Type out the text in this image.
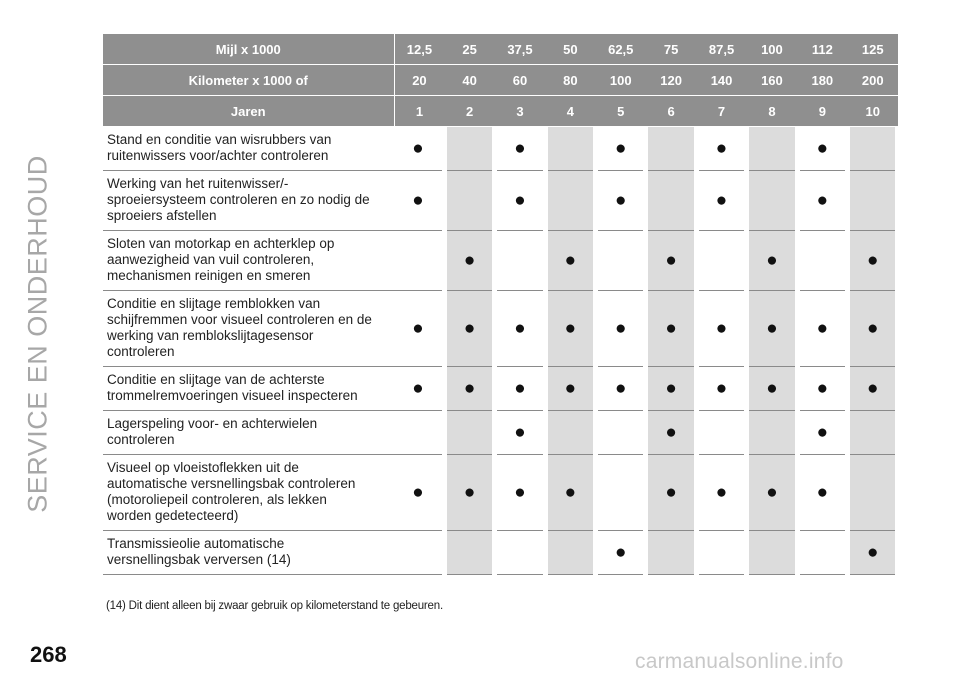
SERVICE EN ONDERHOUD
Mijl x 1000	12,5	25	37,5	50	62,5	75	87,5	100	112	125
Kilometer x 1000 of	20	40	60	80	100	120	140	160	180	200
Jaren	1	2	3	4	5	6	7	8	9	10

Stand en conditie van wisrubbers van
ruitenwissers voor/achter controleren	●		●		●		●		●	

Werking van het ruitenwisser/-
sproeiersysteem controleren en zo nodig de
sproeiers afstellen	●		●		●		●		●	

Sloten van motorkap en achterklep op
aanwezigheid van vuil controleren,
mechanismen reinigen en smeren		●		●		●		●		●

Conditie en slijtage remblokken van
schijfremmen voor visueel controleren en de
werking van remblokslijtagesensor
controleren	●	●	●	●	●	●	●	●	●	●

Conditie en slijtage van de achterste
trommelremvoeringen visueel inspecteren	●	●	●	●	●	●	●	●	●	●

Lagerspeling voor- en achterwielen
controleren			●			●			●	

Visueel op vloeistoflekken uit de
automatische versnellingsbak controleren
(motoroliepeil controleren, als lekken
worden gedetecteerd)	●	●	●	●		●	●	●	●	

Transmissieolie automatische
versnellingsbak verversen (14)					●					●
(14) Dit dient alleen bij zwaar gebruik op kilometerstand te gebeuren.
268	carmanualsonline.info
